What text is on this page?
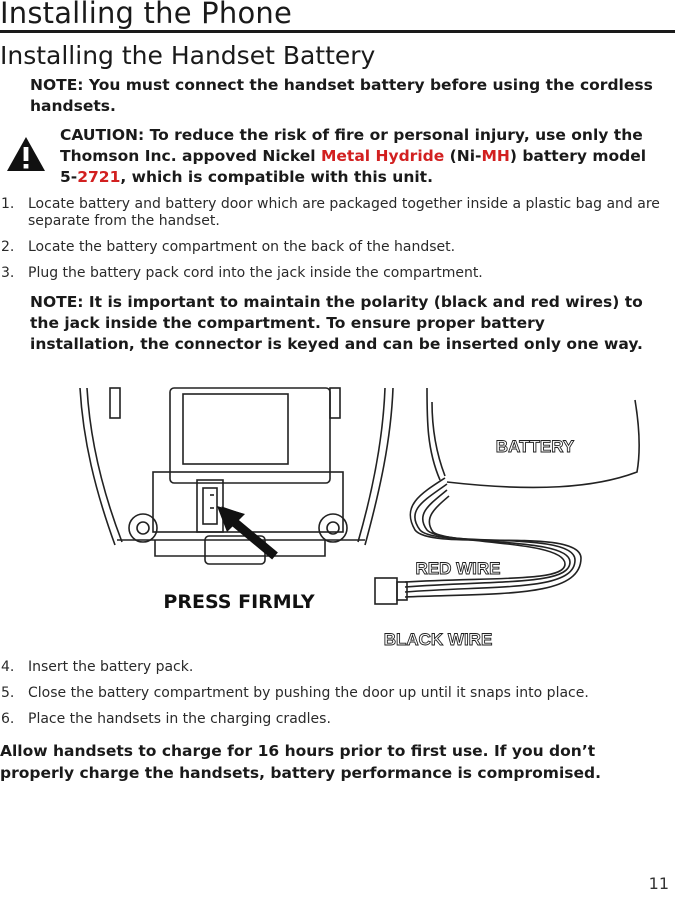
Installing the Phone
Installing the Handset Battery
NOTE: You must connect the handset battery before using the cordless handsets.
CAUTION: To reduce the risk of fire or personal injury, use only the Thomson Inc. appoved Nickel Metal Hydride (Ni-MH) battery model 5-2721, which is compatible with this unit.
1. Locate battery and battery door which are packaged together inside a plastic bag and are separate from the handset.
2. Locate the battery compartment on the back of the handset.
3. Plug the battery pack cord into the jack inside the compartment.
NOTE: It is important to maintain the polarity (black and red wires) to the jack inside the compartment. To ensure proper battery installation, the connector is keyed and can be inserted only one way.
BATTERY
RED WIRE
BLACK WIRE
PRESS FIRMLY
4. Insert the battery pack.
5. Close the battery compartment by pushing the door up until it snaps into place.
6. Place the handsets in the charging cradles.
Allow handsets to charge for 16 hours prior to first use. If you don’t properly charge the handsets, battery performance is compromised.
11
